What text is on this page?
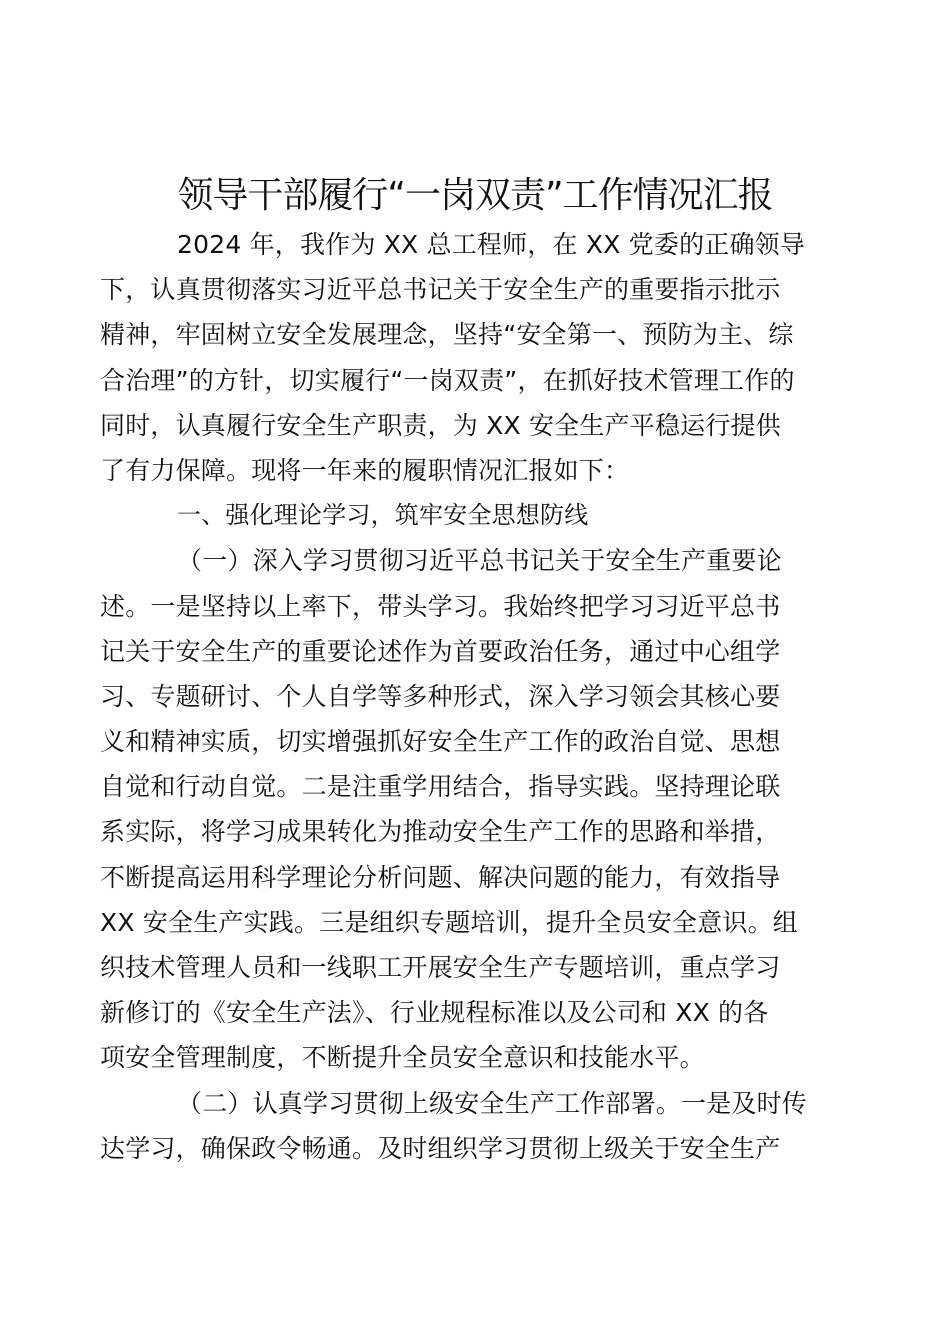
领导干部履行“一岗双责”工作情况汇报
2024 年，我作为 XX 总工程师，在 XX 党委的正确领导
下，认真贯彻落实习近平总书记关于安全生产的重要指示批示
精神，牢固树立安全发展理念，坚持“安全第一、预防为主、综
合治理”的方针，切实履行“一岗双责”，在抓好技术管理工作的
同时，认真履行安全生产职责，为 XX 安全生产平稳运行提供
了有力保障。现将一年来的履职情况汇报如下：
一、强化理论学习，筑牢安全思想防线
（一）深入学习贯彻习近平总书记关于安全生产重要论
述。一是坚持以上率下，带头学习。我始终把学习习近平总书
记关于安全生产的重要论述作为首要政治任务，通过中心组学
习、专题研讨、个人自学等多种形式，深入学习领会其核心要
义和精神实质，切实增强抓好安全生产工作的政治自觉、思想
自觉和行动自觉。二是注重学用结合，指导实践。坚持理论联
系实际，将学习成果转化为推动安全生产工作的思路和举措，
不断提高运用科学理论分析问题、解决问题的能力，有效指导
XX 安全生产实践。三是组织专题培训，提升全员安全意识。组
织技术管理人员和一线职工开展安全生产专题培训，重点学习
新修订的《安全生产法》、行业规程标准以及公司和 XX 的各
项安全管理制度，不断提升全员安全意识和技能水平。
（二）认真学习贯彻上级安全生产工作部署。一是及时传
达学习，确保政令畅通。及时组织学习贯彻上级关于安全生产
